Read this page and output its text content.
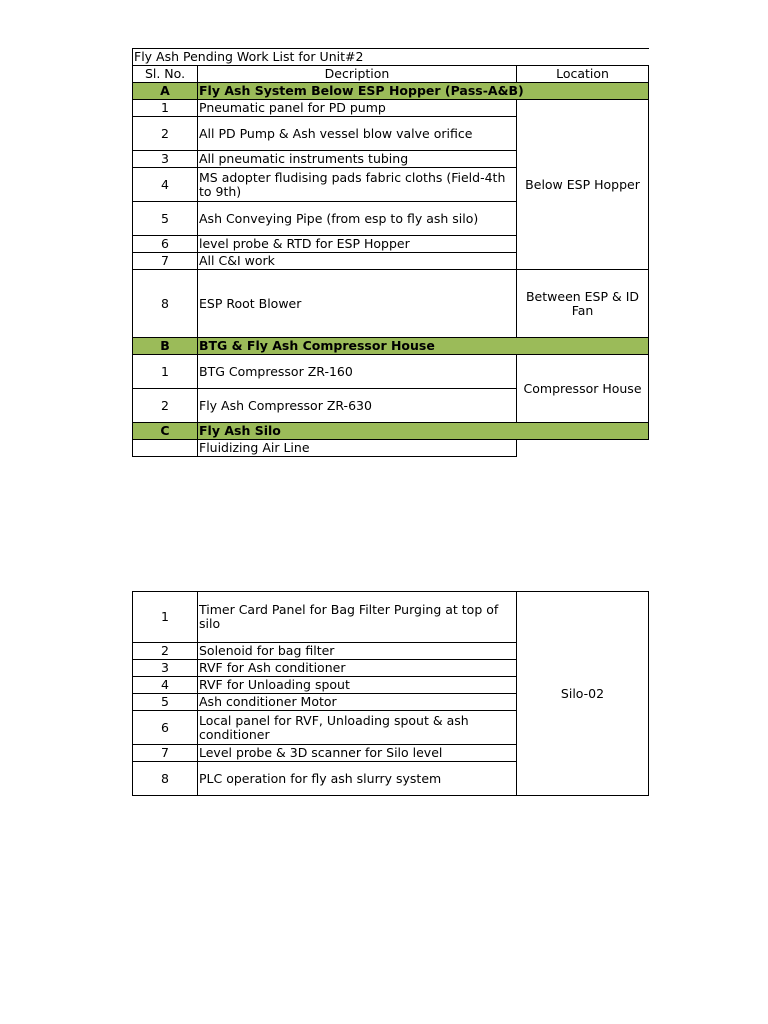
Fly Ash Pending Work List for Unit#2		
Sl. No.	Decription	Location
A	Fly Ash System Below ESP Hopper (Pass-A&B)	
1	Pneumatic panel for PD pump	Below ESP Hopper
2	All PD Pump & Ash vessel blow valve orifice	
3	All pneumatic instruments tubing	
4	MS adopter fludising pads fabric cloths (Field-4th to 9th)	
5	Ash Conveying Pipe (from esp to fly ash silo)	
6	level probe & RTD for ESP Hopper	
7	All C&I work	
8	ESP Root Blower	Between ESP & ID Fan
B	BTG & Fly Ash Compressor House	
1	BTG Compressor ZR-160	Compressor House
2	Fly Ash Compressor ZR-630	
C	Fly Ash Silo	
	Fluidizing Air Line	
1	Timer Card Panel for Bag Filter Purging at top of silo	Silo-02
2	Solenoid for bag filter	
3	RVF for Ash conditioner	
4	RVF for Unloading spout	
5	Ash conditioner Motor	
6	Local panel for RVF, Unloading spout & ash conditioner	
7	Level probe & 3D scanner for Silo level	
8	PLC operation for fly ash slurry system	
